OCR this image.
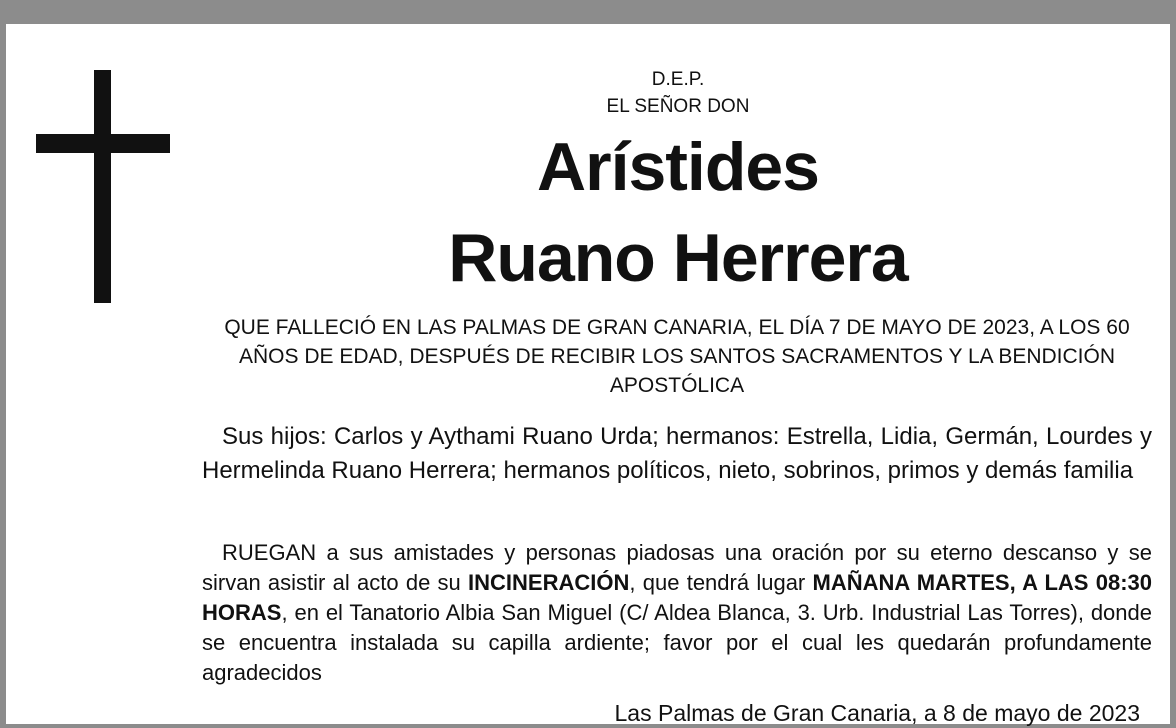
D.E.P.
EL SEÑOR DON
Arístides
Ruano Herrera
QUE FALLECIÓ EN LAS PALMAS DE GRAN CANARIA, EL DÍA 7 DE MAYO DE 2023, A LOS 60 AÑOS DE EDAD, DESPUÉS DE RECIBIR LOS SANTOS SACRAMENTOS Y LA BENDICIÓN APOSTÓLICA
Sus hijos: Carlos y Aythami Ruano Urda; hermanos: Estrella, Lidia, Germán, Lourdes y Hermelinda Ruano Herrera; hermanos políticos, nieto, sobrinos, primos y demás familia
RUEGAN a sus amistades y personas piadosas una oración por su eterno descanso y se sirvan asistir al acto de su INCINERACIÓN, que tendrá lugar MAÑANA MARTES, A LAS 08:30 HORAS, en el Tanatorio Albia San Miguel (C/ Aldea Blanca, 3. Urb. Industrial Las Torres), donde se encuentra instalada su capilla ardiente; favor por el cual les quedarán profundamente agradecidos
Las Palmas de Gran Canaria, a 8 de mayo de 2023
